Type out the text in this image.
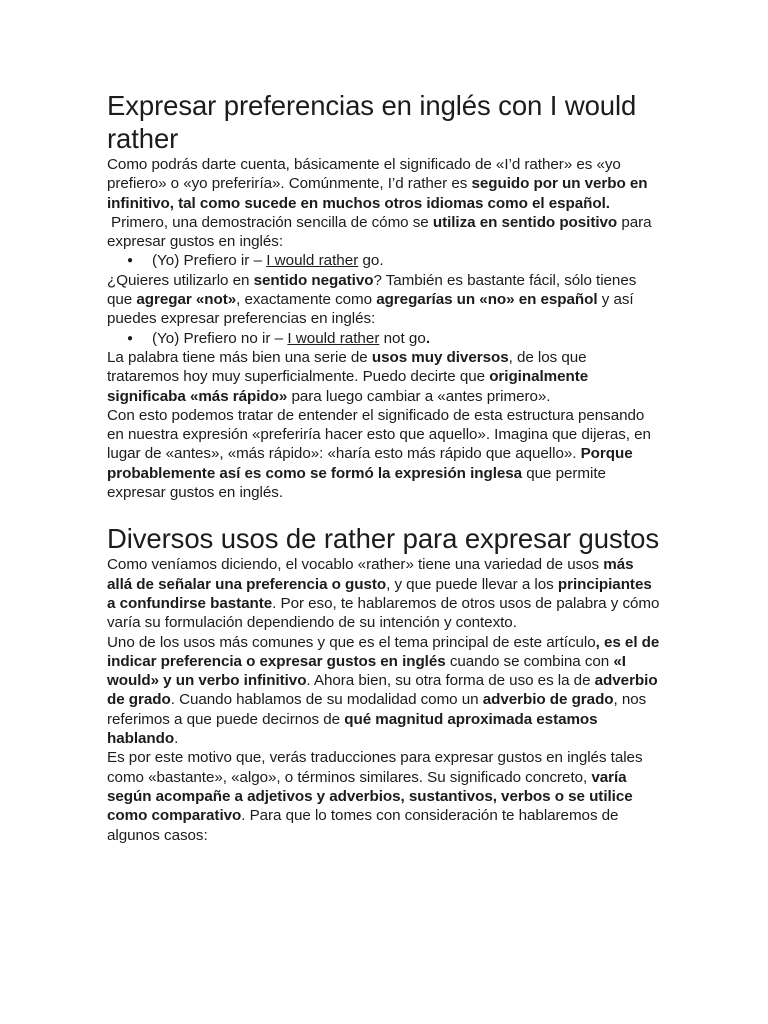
Expresar preferencias en inglés con I would rather

Como podrás darte cuenta, básicamente el significado de «I’d rather» es «yo prefiero» o «yo preferiría». Comúnmente, I’d rather es seguido por un verbo en infinitivo, tal como sucede en muchos otros idiomas como el español.

Primero, una demostración sencilla de cómo se utiliza en sentido positivo para expresar gustos en inglés:

● (Yo) Prefiero ir – I would rather go.

¿Quieres utilizarlo en sentido negativo? También es bastante fácil, sólo tienes que agregar «not», exactamente como agregarías un «no» en español y así puedes expresar preferencias en inglés:

● (Yo) Prefiero no ir – I would rather not go.

La palabra tiene más bien una serie de usos muy diversos, de los que trataremos hoy muy superficialmente. Puedo decirte que originalmente significaba «más rápido» para luego cambiar a «antes primero».

Con esto podemos tratar de entender el significado de esta estructura pensando en nuestra expresión «preferiría hacer esto que aquello». Imagina que dijeras, en lugar de «antes», «más rápido»: «haría esto más rápido que aquello». Porque probablemente así es como se formó la expresión inglesa que permite expresar gustos en inglés.

Diversos usos de rather para expresar gustos

Como veníamos diciendo, el vocablo «rather» tiene una variedad de usos más allá de señalar una preferencia o gusto, y que puede llevar a los principiantes a confundirse bastante. Por eso, te hablaremos de otros usos de palabra y cómo varía su formulación dependiendo de su intención y contexto.

Uno de los usos más comunes y que es el tema principal de este artículo, es el de indicar preferencia o expresar gustos en inglés cuando se combina con «I would» y un verbo infinitivo. Ahora bien, su otra forma de uso es la de adverbio de grado. Cuando hablamos de su modalidad como un adverbio de grado, nos referimos a que puede decirnos de qué magnitud aproximada estamos hablando.

Es por este motivo que, verás traducciones para expresar gustos en inglés tales como «bastante», «algo», o términos similares. Su significado concreto, varía según acompañe a adjetivos y adverbios, sustantivos, verbos o se utilice como comparativo. Para que lo tomes con consideración te hablaremos de algunos casos:
